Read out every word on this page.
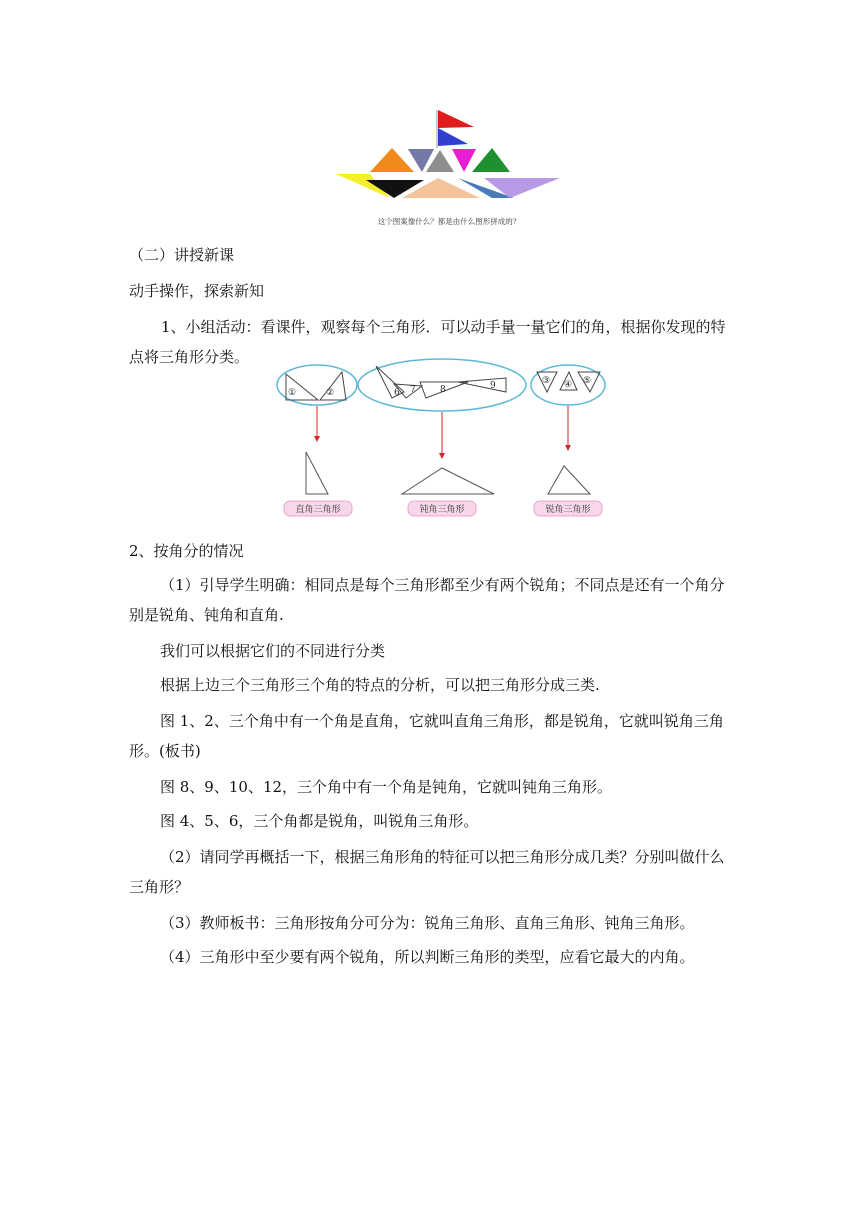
这个图案像什么？都是由什么图形拼成的？
（二）讲授新课
动手操作，探索新知
1、小组活动：看课件，观察每个三角形．可以动手量一量它们的角，根据你发现的特
点将三角形分类。
①	②	6 7	8	9	③ ④ ⑤
直角三角形	钝角三角形	锐角三角形
2、按角分的情况
（1）引导学生明确：相同点是每个三角形都至少有两个锐角；不同点是还有一个角分
别是锐角、钝角和直角.
我们可以根据它们的不同进行分类
根据上边三个三角形三个角的特点的分析，可以把三角形分成三类.
图 1、2、三个角中有一个角是直角，它就叫直角三角形，都是锐角，它就叫锐角三角
形。(板书)
图 8、9、10、12，三个角中有一个角是钝角，它就叫钝角三角形。
图 4、5、6，三个角都是锐角，叫锐角三角形。
（2）请同学再概括一下，根据三角形角的特征可以把三角形分成几类？分别叫做什么
三角形？
（3）教师板书：三角形按角分可分为：锐角三角形、直角三角形、钝角三角形。
（4）三角形中至少要有两个锐角，所以判断三角形的类型，应看它最大的内角。
